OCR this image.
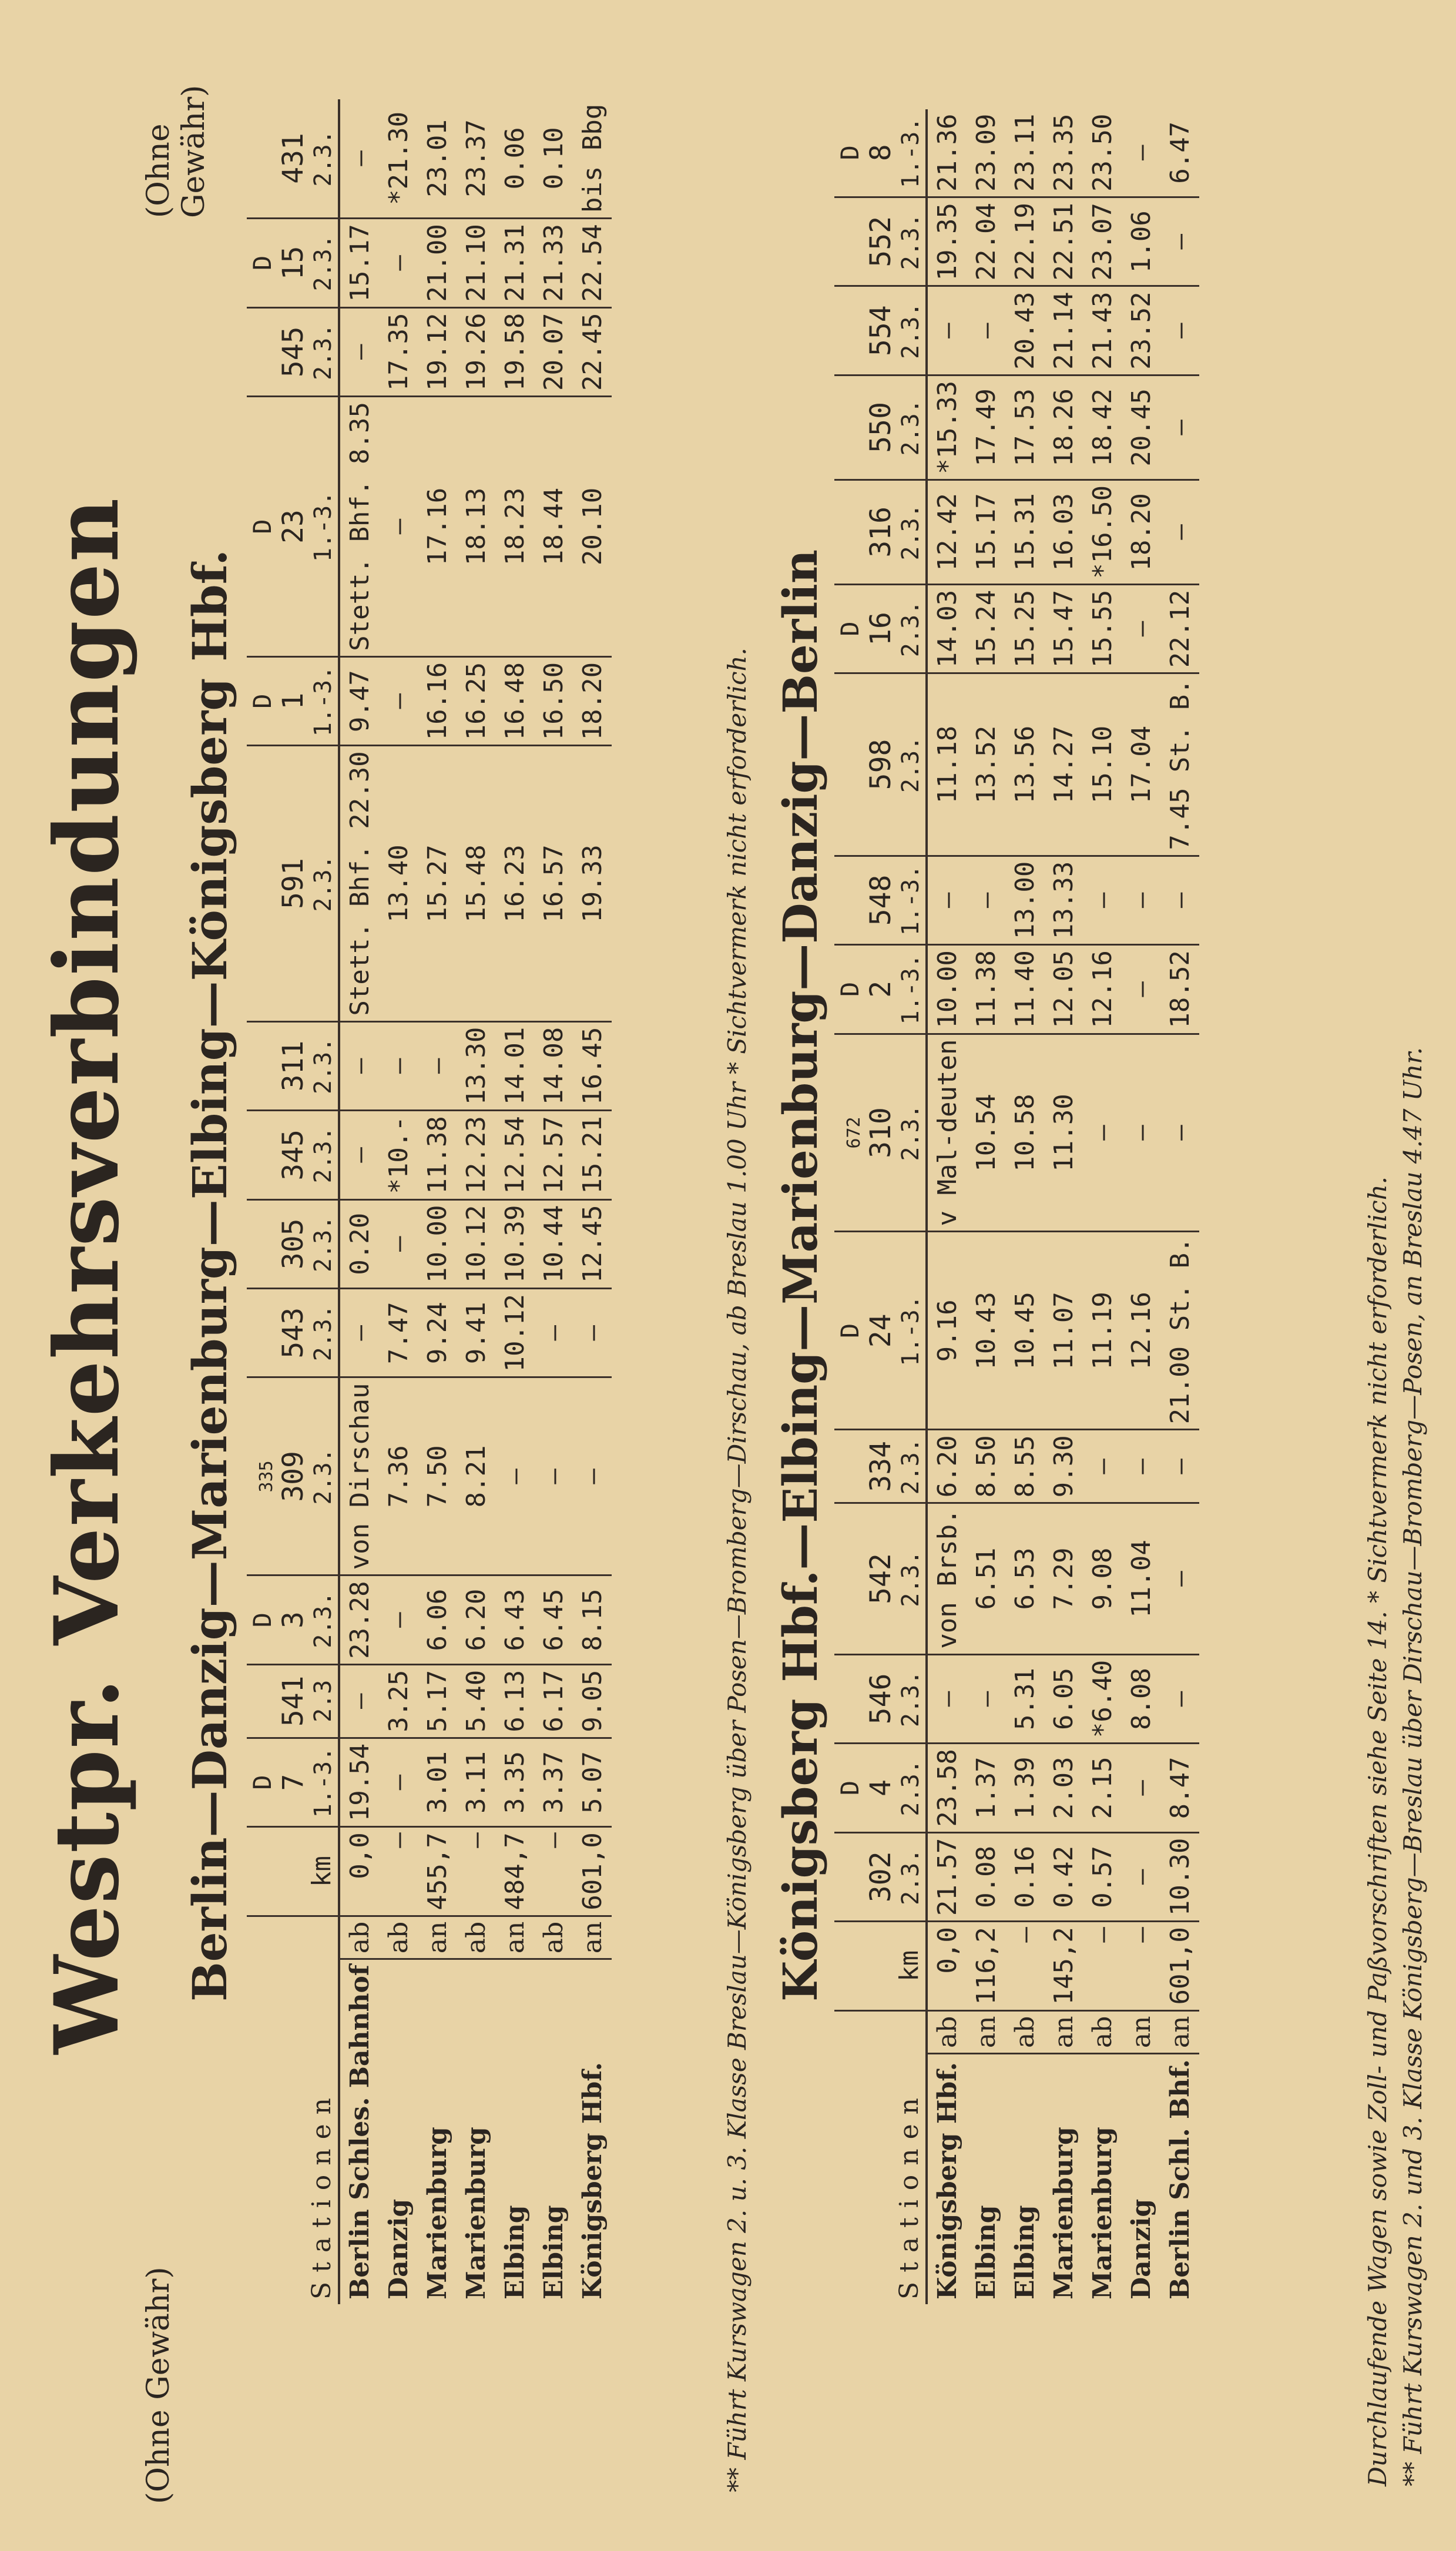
Westpr. Verkehrsverbindungen
(Ohne Gewähr)
(Ohne Gewähr)
Berlin—Danzig—Marienburg—Elbing—Königsberg Hbf.
Stationen		km	D 7 1.-3.	541 2.3	D 3 2.3.	335 309 2.3.	543 2.3.	305 2.3.	345 2.3.	311 2.3.	591 2.3.	D 1 1.-3.	D 23 1.-3.	545 2.3.	D 15 2.3.	431 2.3.

Berlin Schles. Bahnhof	ab	0,0	19.54	—	23.28	von Dirschau	—	0.20	—	—	Stett. Bhf. 22.30	9.47	Stett. Bhf. 8.35	—	15.17	—
Danzig	ab	—	—	3.25	—	7.36	7.47	—	*10.-	—	13.40	—	—	17.35	—	*21.30
Marienburg	an	455,7	3.01	5.17	6.06	7.50	9.24	10.00	11.38	—	15.27	16.16	17.16	19.12	21.00	23.01
Marienburg	ab	—	3.11	5.40	6.20	8.21	9.41	10.12	12.23	13.30	15.48	16.25	18.13	19.26	21.10	23.37
Elbing	an	484,7	3.35	6.13	6.43	—	10.12	10.39	12.54	14.01	16.23	16.48	18.23	19.58	21.31	0.06
Elbing	ab	—	3.37	6.17	6.45	—	—	10.44	12.57	14.08	16.57	16.50	18.44	20.07	21.33	0.10
Königsberg Hbf.	an	601,0	5.07	9.05	8.15	—	—	12.45	15.21	16.45	19.33	18.20	20.10	22.45	22.54	bis Bbg
** Führt Kurswagen 2. u. 3. Klasse Breslau—Königsberg über Posen—Bromberg—Dirschau, ab Breslau 1.00 Uhr * Sichtvermerk nicht erforderlich. Königsberg Hbf.—Elbing—Marienburg—Danzig—Berlin
Stationen		km	302 2.3.	D 4 2.3.	546 2.3.	542 2.3.	334 2.3.	D 24 1.-3.	672 310 2.3.	D 2 1.-3.	548 1.-3.	598 2.3.	D 16 2.3.	316 2.3.	550 2.3.	554 2.3.	552 2.3.	D 8 1.-3.

Königsberg Hbf.	ab	0,0	21.57	23.58	—	von Brsb.	6.20	9.16	v Mal-deuten	10.00	—	11.18	14.03	12.42	*15.33	—	19.35	21.36
Elbing	an	116,2	0.08	1.37	—	6.51	8.50	10.43	10.54	11.38	—	13.52	15.24	15.17	17.49	—	22.04	23.09
Elbing	ab	—	0.16	1.39	5.31	6.53	8.55	10.45	10.58	11.40	13.00	13.56	15.25	15.31	17.53	20.43	22.19	23.11
Marienburg	an	145,2	0.42	2.03	6.05	7.29	9.30	11.07	11.30	12.05	13.33	14.27	15.47	16.03	18.26	21.14	22.51	23.35
Marienburg	ab	—	0.57	2.15	*6.40	9.08	—	11.19	—	12.16	—	15.10	15.55	*16.50	18.42	21.43	23.07	23.50
Danzig	an	—	—	—	8.08	11.04	—	12.16	—	—	—	17.04	—	18.20	20.45	23.52	1.06	—
Berlin Schl. Bhf.	an	601,0	10.30	8.47	—	—	—	21.00 St. B.	—	18.52	—	7.45 St. B.	22.12	—	—	—	—	6.47
Durchlaufende Wagen sowie Zoll- und Paßvorschriften siehe Seite 14. * Sichtvermerk nicht erforderlich. ** Führt Kurswagen 2. und 3. Klasse Königsberg—Breslau über Dirschau—Bromberg—Posen, an Breslau 4.47 Uhr.
